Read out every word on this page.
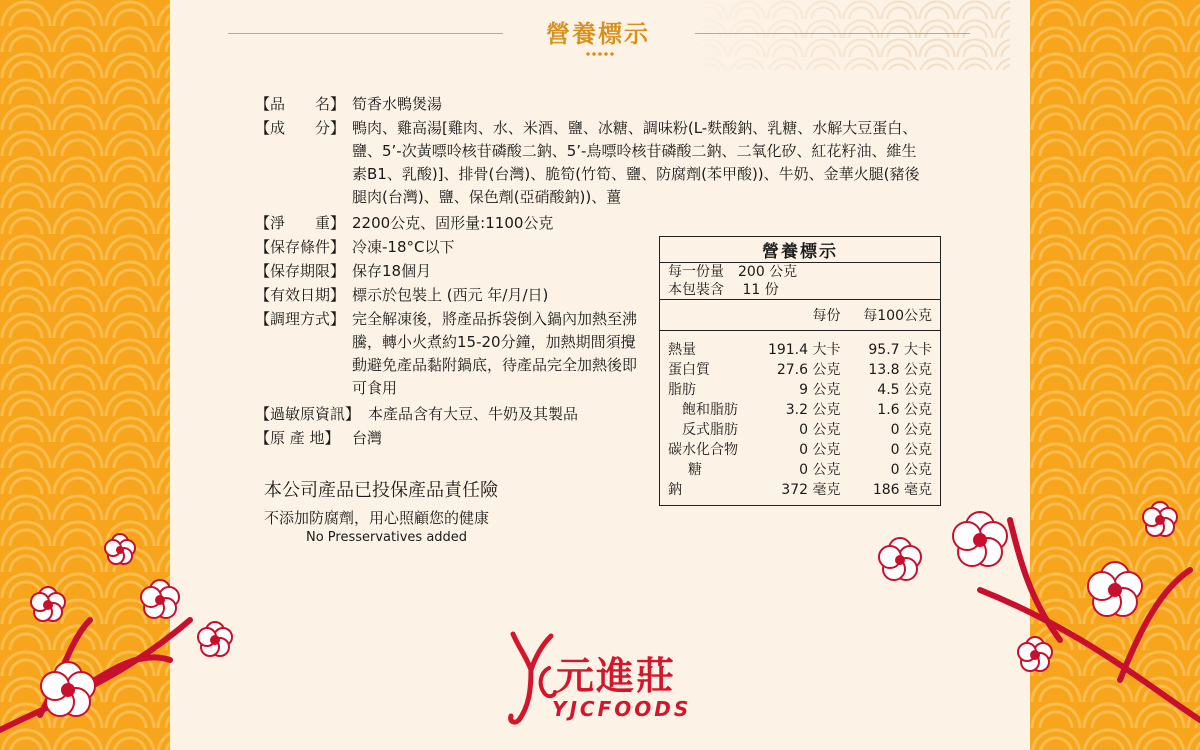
營養標示
【品　　名】 筍香水鴨煲湯
【成　　分】 鴨肉、雞高湯[雞肉、水、米酒、鹽、冰糖、調味粉(L-麩酸鈉、乳糖、水解大豆蛋白、鹽、5’-次黃嘌呤核苷磷酸二鈉、5’-鳥嘌呤核苷磷酸二鈉、二氧化矽、紅花籽油、維生素B1、乳酸)]、排骨(台灣)、脆筍(竹筍、鹽、防腐劑(苯甲酸))、牛奶、金華火腿(豬後腿肉(台灣)、鹽、保色劑(亞硝酸鈉))、薑
【淨　　重】 2200公克、固形量:1100公克
【保存條件】 冷凍-18°C以下
【保存期限】 保存18個月
【有效日期】 標示於包裝上 (西元 年/月/日)
【調理方式】 完全解凍後，將產品拆袋倒入鍋內加熱至沸騰，轉小火煮約15-20分鐘，加熱期間須攪動避免產品黏附鍋底，待產品完全加熱後即可食用
【過敏原資訊】 本產品含有大豆、牛奶及其製品
【原 產 地】 台灣
本公司產品已投保產品責任險
不添加防腐劑，用心照顧您的健康
No Presservatives added
營養標示		

每一份量　200 公克
本包裝含　 11 份		

	每份	每100公克
熱量	191.4 大卡	95.7 大卡
蛋白質	27.6 公克	13.8 公克
脂肪	9 公克	4.5 公克
飽和脂肪	3.2 公克	1.6 公克
反式脂肪	0 公克	0 公克
碳水化合物	0 公克	0 公克
糖	0 公克	0 公克
鈉	372 毫克	186 毫克
元進莊
YJCFOODS
